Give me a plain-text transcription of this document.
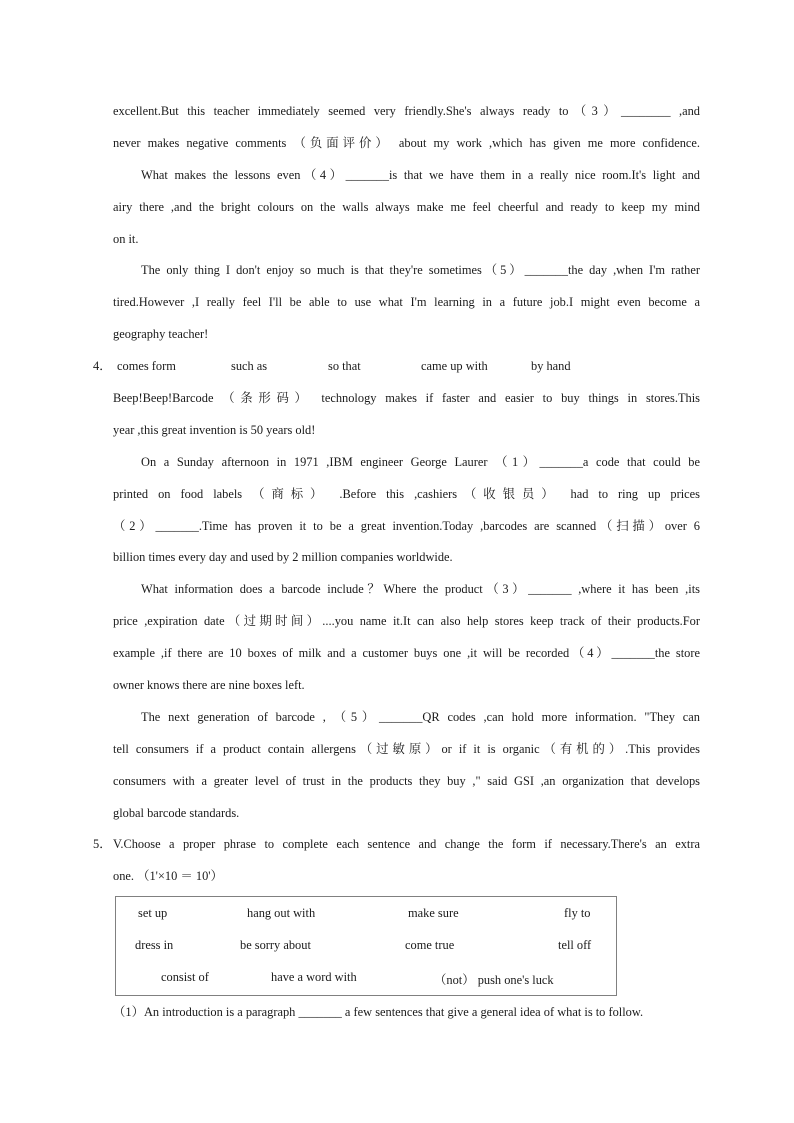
excellent.But this teacher immediately seemed very friendly.She's always ready to（3）________ ,and
never makes negative comments （负面评价） about my work ,which has given me more confidence.
What makes the lessons even（4）_______is that we have them in a really nice room.It's light and
airy there ,and the bright colours on the walls always make me feel cheerful and ready to keep my mind
on it.
The only thing I don't enjoy so much is that they're sometimes（5）_______the day ,when I'm rather
tired.However ,I really feel I'll be able to use what I'm learning in a future job.I might even become a
geography teacher!
4． comes form	such as	so that	came up with	by hand
Beep!Beep!Barcode （条形码） technology makes if faster and easier to buy things in stores.This
year ,this great invention is 50 years old!
On a Sunday afternoon in 1971 ,IBM engineer George Laurer （1）_______a code that could be
printed on food labels （商标） .Before this ,cashiers（收银员） had to ring up prices
（2）_______.Time has proven it to be a great invention.Today ,barcodes are scanned（扫描）over 6
billion times every day and used by 2 million companies worldwide.
What information does a barcode include？Where the product（3）_______ ,where it has been ,its
price ,expiration date（过期时间）....you name it.It can also help stores keep track of their products.For
example ,if there are 10 boxes of milk and a customer buys one ,it will be recorded（4）_______the store
owner knows there are nine boxes left.
The next generation of barcode , （5）_______QR codes ,can hold more information. "They can
tell consumers if a product contain allergens（过敏原）or if it is organic（有机的）.This provides
consumers with a greater level of trust in the products they buy ," said GSI ,an organization that develops
global barcode standards.
5． V.Choose a proper phrase to complete each sentence and change the form if necessary.There's an extra
one. （1'×10 ＝ 10'）
set up	hang out with	make sure	fly to
dress in	be sorry about	come true	tell off
consist of	have a word with	（not） push one's luck
（1）An introduction is a paragraph _______ a few sentences that give a general idea of what is to follow.
